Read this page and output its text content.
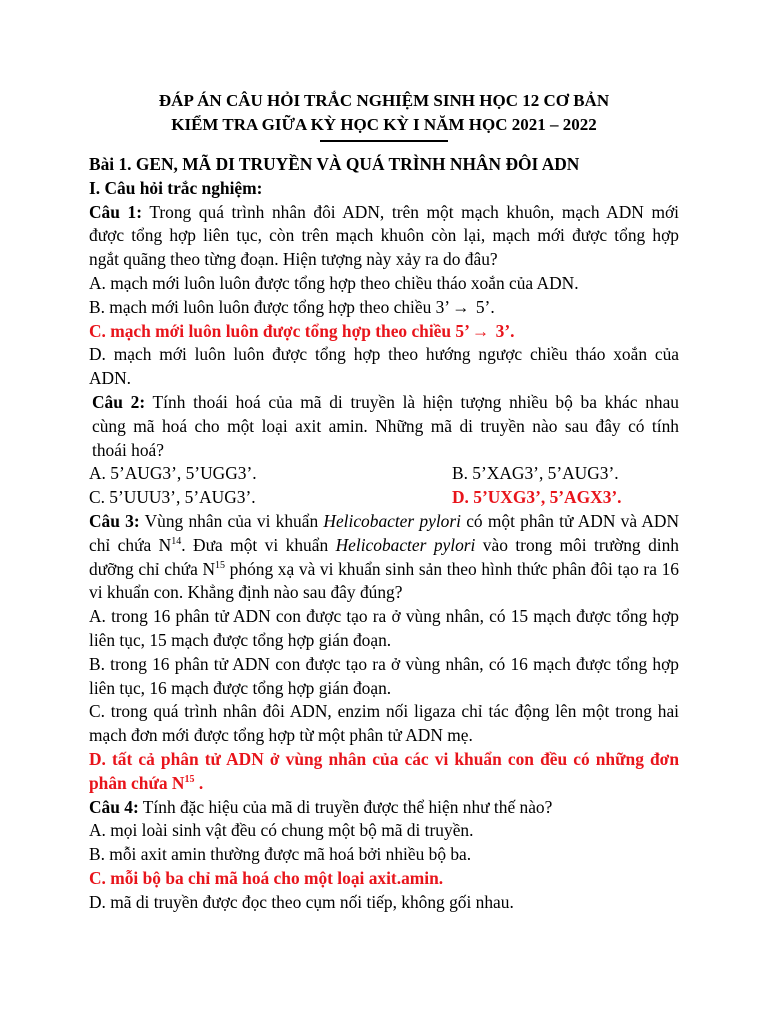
ĐÁP ÁN CÂU HỎI TRẮC NGHIỆM SINH HỌC 12 CƠ BẢN
KIỂM TRA GIỮA KỲ HỌC KỲ I NĂM HỌC 2021 – 2022

Bài 1. GEN, MÃ DI TRUYỀN VÀ QUÁ TRÌNH NHÂN ĐÔI ADN

I. Câu hỏi trắc nghiệm:

Câu 1: Trong quá trình nhân đôi ADN, trên một mạch khuôn, mạch ADN mới

được tổng hợp liên tục, còn trên mạch khuôn còn lại, mạch mới được tổng hợp

ngắt quãng theo từng đoạn. Hiện tượng này xảy ra do đâu?

A. mạch mới luôn luôn được tổng hợp theo chiều tháo xoắn của ADN.

B. mạch mới luôn luôn được tổng hợp theo chiều 3’ → 5’.

C. mạch mới luôn luôn được tổng hợp theo chiều 5’ → 3’.

D. mạch mới luôn luôn được tổng hợp theo hướng ngược chiều tháo xoắn của

ADN.

Câu 2: Tính thoái hoá của mã di truyền là hiện tượng nhiều bộ ba khác nhau

cùng mã hoá cho một loại axit amin. Những mã di truyền nào sau đây có tính

thoái hoá?

A. 5’AUG3’, 5’UGG3’.	B. 5’XAG3’, 5’AUG3’.
C. 5’UUU3’, 5’AUG3’.	D. 5’UXG3’, 5’AGX3’.

Câu 3: Vùng nhân của vi khuẩn Helicobacter pylori có một phân tử ADN và ADN

chỉ chứa $N^{14}$. Đưa một vi khuẩn Helicobacter pylori vào trong môi trường dinh

dưỡng chỉ chứa $N^{15}$ phóng xạ và vi khuẩn sinh sản theo hình thức phân đôi tạo ra 16

vi khuẩn con. Khẳng định nào sau đây đúng?

A. trong 16 phân tử ADN con được tạo ra ở vùng nhân, có 15 mạch được tổng hợp

liên tục, 15 mạch được tổng hợp gián đoạn.

B. trong 16 phân tử ADN con được tạo ra ở vùng nhân, có 16 mạch được tổng hợp

liên tục, 16 mạch được tổng hợp gián đoạn.

C. trong quá trình nhân đôi ADN, enzim nối ligaza chỉ tác động lên một trong hai

mạch đơn mới được tổng hợp từ một phân tử ADN mẹ.

D. tất cả phân tử ADN ở vùng nhân của các vi khuẩn con đều có những đơn

phân chứa $N^{15}$ .

Câu 4: Tính đặc hiệu của mã di truyền được thể hiện như thế nào?

A. mọi loài sinh vật đều có chung một bộ mã di truyền.

B. mỗi axit amin thường được mã hoá bởi nhiều bộ ba.

C. mỗi bộ ba chỉ mã hoá cho một loại axit.amin.

D. mã di truyền được đọc theo cụm nối tiếp, không gối nhau.
